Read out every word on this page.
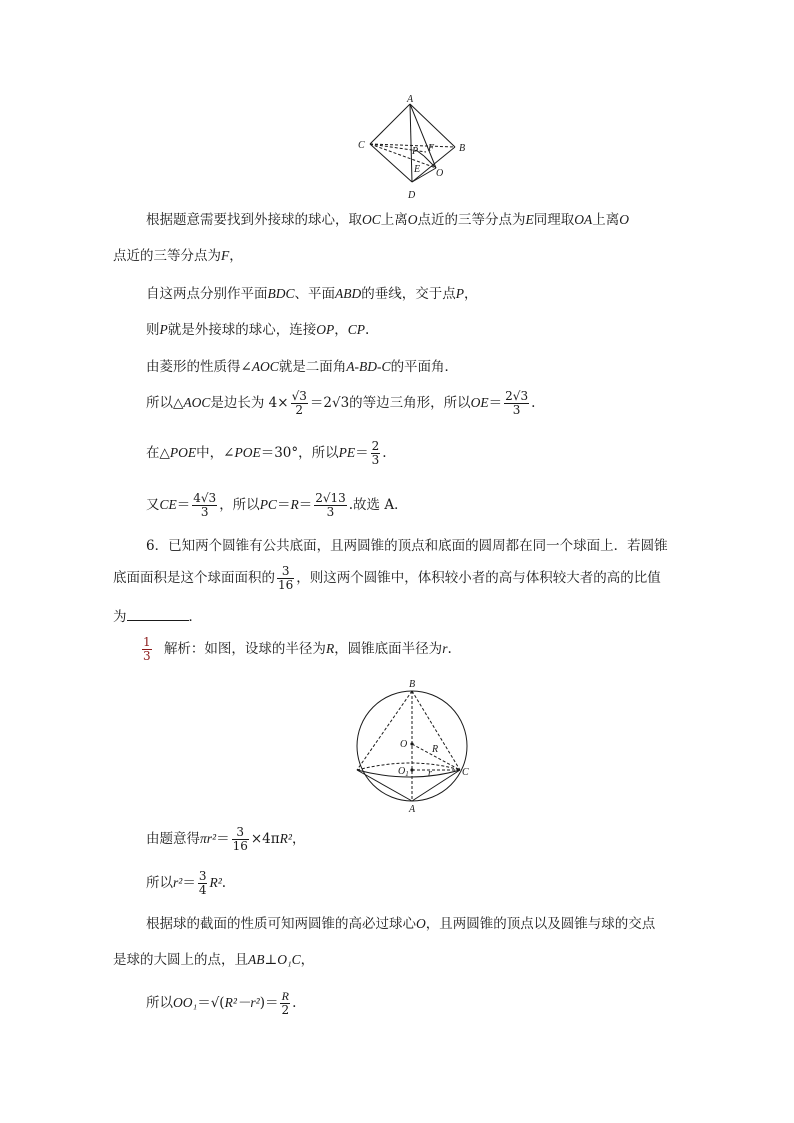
A
C	B
D
O
E
F
P
根据题意需要找到外接球的球心，取OC上离O点近的三等分点为E同理取OA上离O
点近的三等分点为F，
自这两点分别作平面BDC、平面ABD的垂线，交于点P，
则P就是外接球的球心，连接OP，CP.
由菱形的性质得∠AOC就是二面角A-BD-C的平面角．
所以△AOC是边长为 $4\times \frac{√3}{2} =2√3$的等边三角形，所以$OE= \frac{2√3}{3}$ .
在△POE中，∠POE＝30°，所以$PE= \frac{2}{3}$ .
又$CE= \frac{4√3}{3}$ ，所以$PC=R= \frac{2√13}{3}$ .故选 A．
6．已知两个圆锥有公共底面，且两圆锥的顶点和底面的圆周都在同一个球面上．若圆锥
底面面积是这个球面面积的 $\frac{3}{16}$ ，则这两个圆锥中，体积较小者的高与体积较大者的高的比值
为	．
$\frac{1}{3}$ 解析：如图，设球的半径为R，圆锥底面半径为r.
B
O R
$O_1$ r	C
A
由题意得$\pi r^2= \frac{3}{16} \times 4\pi R^2$，
所以$r^2= \frac{3}{4} R^2$.
根据球的截面的性质可知两圆锥的高必过球心O，且两圆锥的顶点以及圆锥与球的交点
是球的大圆上的点，且AB⊥O₁C，
所以$OO_1=√(R^2-r^2)= \frac{R}{2}$ .
